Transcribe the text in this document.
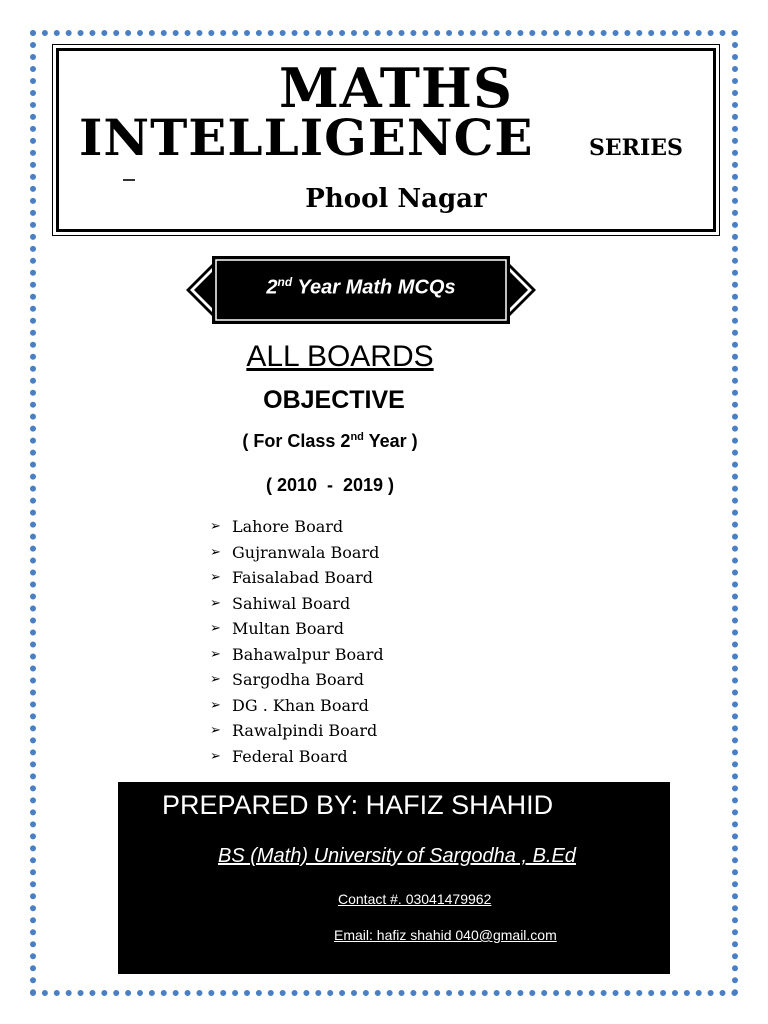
MATHS
INTELLIGENCE	SERIES
Phool Nagar
2nd Year Math MCQs
ALL BOARDS
OBJECTIVE
( For Class 2nd Year )
( 2010  -  2019 )
➢ Lahore Board
➢ Gujranwala Board
➢ Faisalabad Board
➢ Sahiwal Board
➢ Multan Board
➢ Bahawalpur Board
➢ Sargodha Board
➢ DG . Khan Board
➢ Rawalpindi Board
➢ Federal Board
PREPARED BY: HAFIZ SHAHID
BS (Math) University of Sargodha , B.Ed
Contact #. 03041479962
Email: hafiz shahid 040@gmail.com
